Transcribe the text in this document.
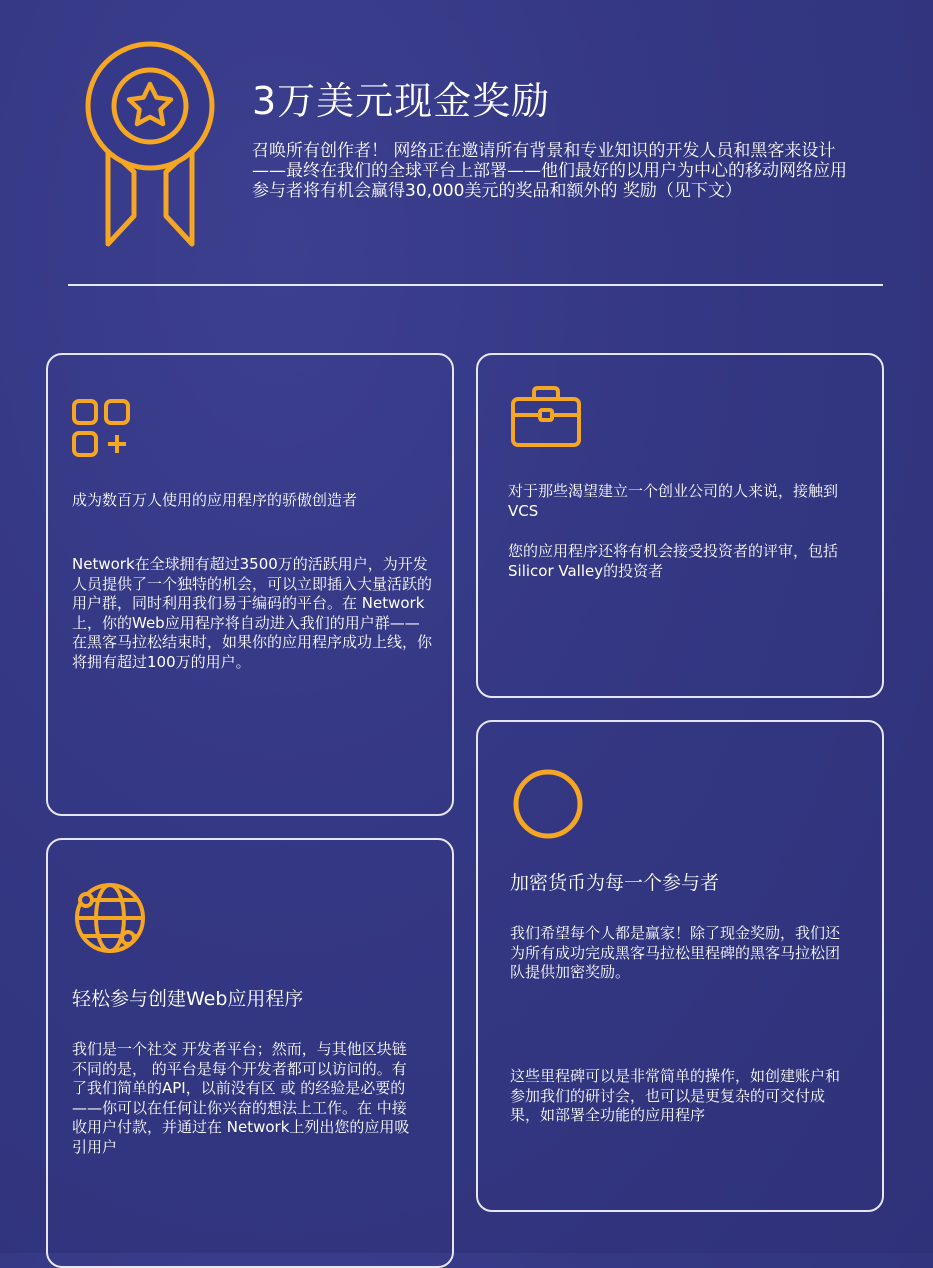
3万美元现金奖励

召唤所有创作者！ 网络正在邀请所有背景和专业知识的开发人员和黑客来设计——最终在我们的全球平台上部署——他们最好的以用户为中心的移动网络应用参与者将有机会赢得30,000美元的奖品和额外的 奖励（见下文）

成为数百万人使用的应用程序的骄傲创造者

Network在全球拥有超过3500万的活跃用户，为开发人员提供了一个独特的机会，可以立即插入大量活跃的用户群，同时利用我们易于编码的平台。在 Network上，你的Web应用程序将自动进入我们的用户群——在黑客马拉松结束时，如果你的应用程序成功上线，你将拥有超过100万的用户。

对于那些渴望建立一个创业公司的人来说，接触到VCS

您的应用程序还将有机会接受投资者的评审，包括Silicor Valley的投资者

轻松参与创建Web应用程序

我们是一个社交 开发者平台；然而，与其他区块链不同的是， 的平台是每个开发者都可以访问的。有了我们简单的API，以前没有区 或 的经验是必要的——你可以在任何让你兴奋的想法上工作。在 中接收用户付款，并通过在 Network上列出您的应用吸引用户

加密货币为每一个参与者

我们希望每个人都是赢家！除了现金奖励，我们还为所有成功完成黑客马拉松里程碑的黑客马拉松团队提供加密奖励。

这些里程碑可以是非常简单的操作，如创建账户和参加我们的研讨会，也可以是更复杂的可交付成果，如部署全功能的应用程序
